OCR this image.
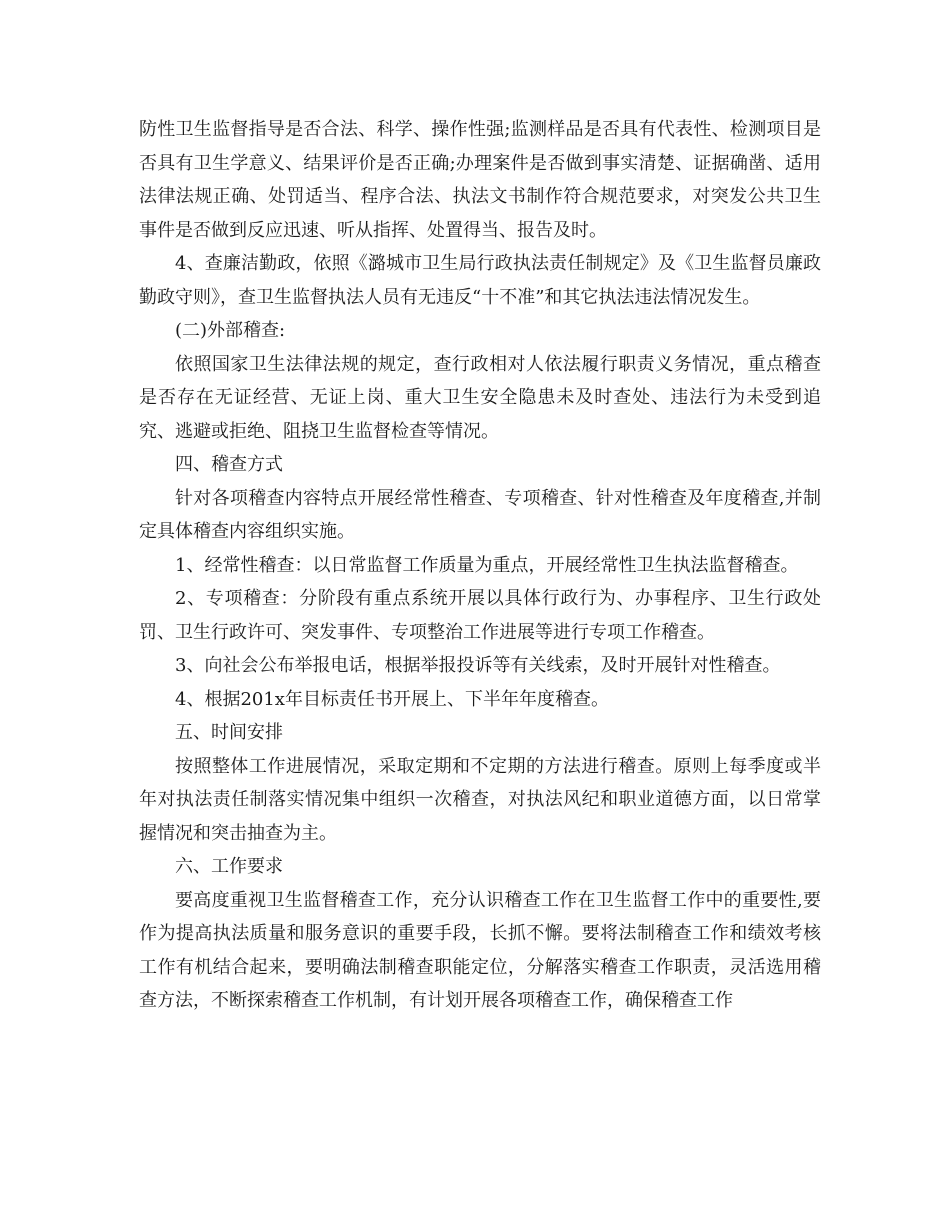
防性卫生监督指导是否合法、科学、操作性强;监测样品是否具有代表性、检测项目是否具有卫生学意义、结果评价是否正确;办理案件是否做到事实清楚、证据确凿、适用法律法规正确、处罚适当、程序合法、执法文书制作符合规范要求，对突发公共卫生事件是否做到反应迅速、听从指挥、处置得当、报告及时。

4、查廉洁勤政，依照《潞城市卫生局行政执法责任制规定》及《卫生监督员廉政勤政守则》，查卫生监督执法人员有无违反“十不准”和其它执法违法情况发生。

(二)外部稽查:

依照国家卫生法律法规的规定，查行政相对人依法履行职责义务情况，重点稽查是否存在无证经营、无证上岗、重大卫生安全隐患未及时查处、违法行为未受到追究、逃避或拒绝、阻挠卫生监督检查等情况。

四、稽查方式

针对各项稽查内容特点开展经常性稽查、专项稽查、针对性稽查及年度稽查,并制定具体稽查内容组织实施。

1、经常性稽查：以日常监督工作质量为重点，开展经常性卫生执法监督稽查。

2、专项稽查：分阶段有重点系统开展以具体行政行为、办事程序、卫生行政处罚、卫生行政许可、突发事件、专项整治工作进展等进行专项工作稽查。

3、向社会公布举报电话，根据举报投诉等有关线索，及时开展针对性稽查。

4、根据201x年目标责任书开展上、下半年年度稽查。

五、时间安排

按照整体工作进展情况，采取定期和不定期的方法进行稽查。原则上每季度或半年对执法责任制落实情况集中组织一次稽查，对执法风纪和职业道德方面，以日常掌握情况和突击抽查为主。

六、工作要求

要高度重视卫生监督稽查工作，充分认识稽查工作在卫生监督工作中的重要性,要作为提高执法质量和服务意识的重要手段，长抓不懈。要将法制稽查工作和绩效考核工作有机结合起来，要明确法制稽查职能定位，分解落实稽查工作职责，灵活选用稽查方法，不断探索稽查工作机制，有计划开展各项稽查工作，确保稽查工作
